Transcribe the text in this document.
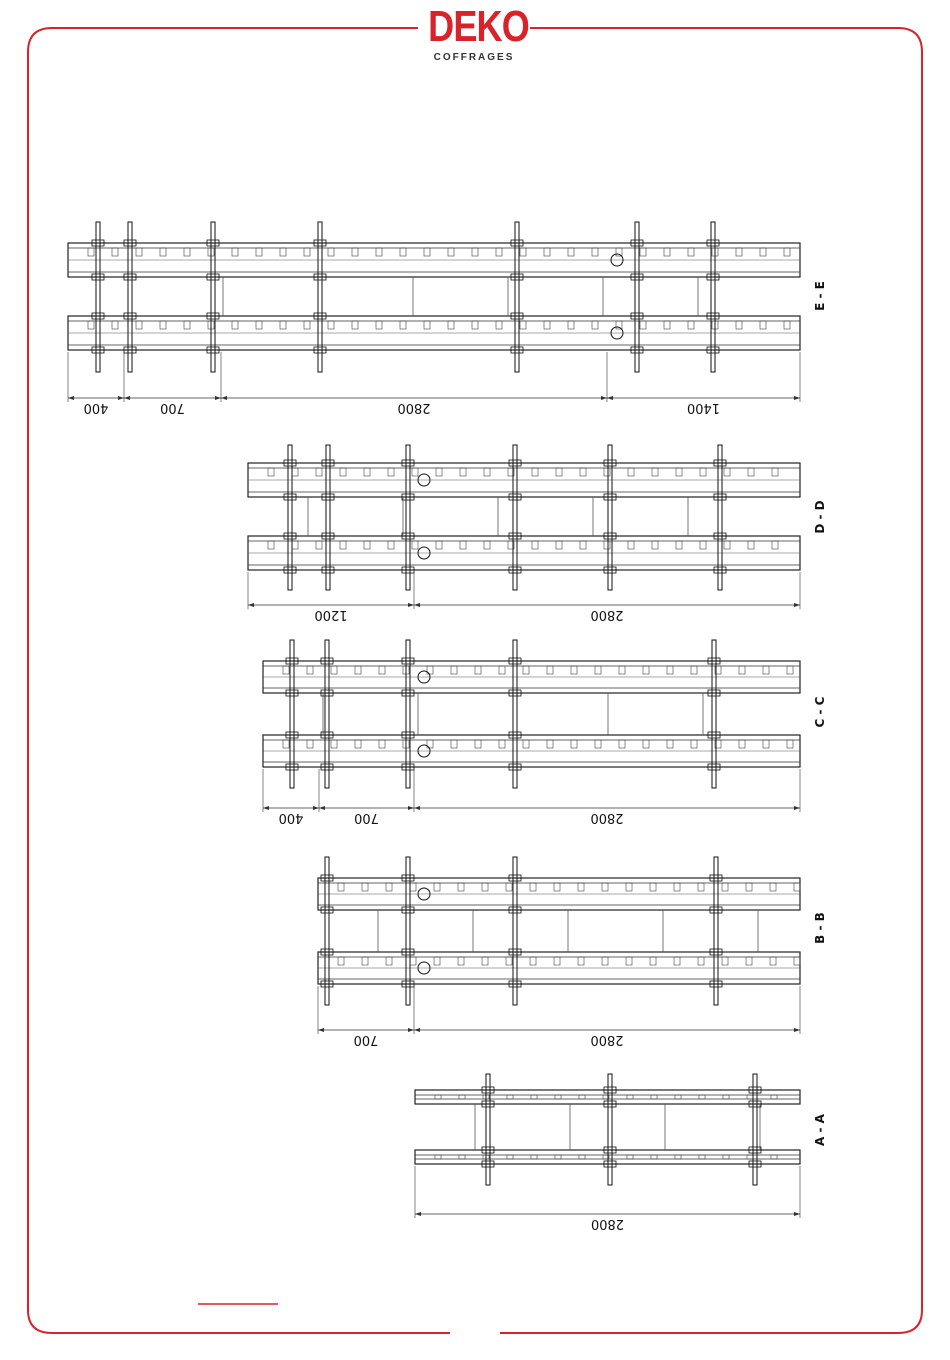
400	700	2800	1400
E - E
1200	2800
D - D
400	700	2800
C - C
700	2800
B - B
2800
A - A
DEKO
COFFRAGES
